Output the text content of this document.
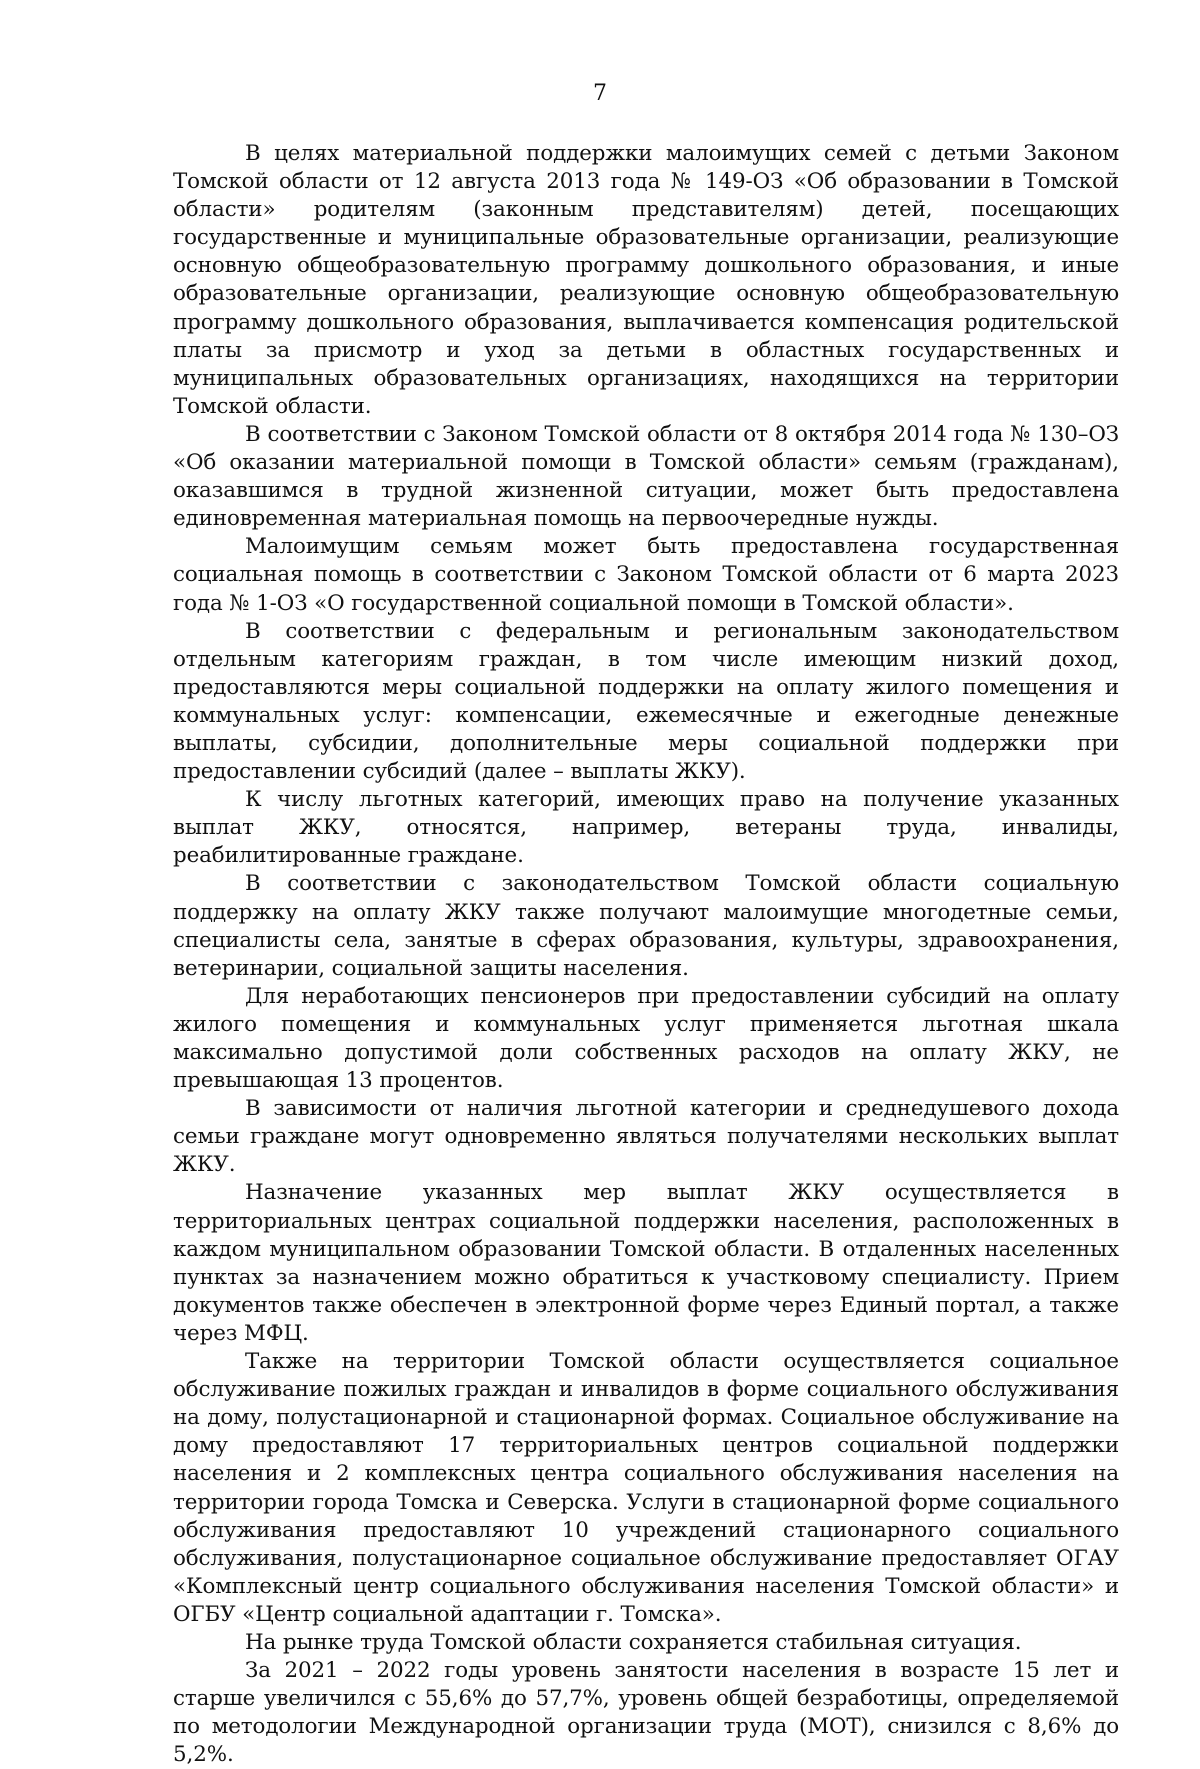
7

В целях материальной поддержки малоимущих семей с детьми Законом Томской области от 12 августа 2013 года № 149-ОЗ «Об образовании в Томской области» родителям (законным представителям) детей, посещающих государственные и муниципальные образовательные организации, реализующие основную общеобразовательную программу дошкольного образования, и иные образовательные организации, реализующие основную общеобразовательную программу дошкольного образования, выплачивается компенсация родительской платы за присмотр и уход за детьми в областных государственных и муниципальных образовательных организациях, находящихся на территории Томской области.

В соответствии с Законом Томской области от 8 октября 2014 года № 130–ОЗ «Об оказании материальной помощи в Томской области» семьям (гражданам), оказавшимся в трудной жизненной ситуации, может быть предоставлена единовременная материальная помощь на первоочередные нужды.

Малоимущим семьям может быть предоставлена государственная социальная помощь в соответствии с Законом Томской области от 6 марта 2023 года № 1-ОЗ «О государственной социальной помощи в Томской области».

В соответствии с федеральным и региональным законодательством отдельным категориям граждан, в том числе имеющим низкий доход, предоставляются меры социальной поддержки на оплату жилого помещения и коммунальных услуг: компенсации, ежемесячные и ежегодные денежные выплаты, субсидии, дополнительные меры социальной поддержки при предоставлении субсидий (далее – выплаты ЖКУ).

К числу льготных категорий, имеющих право на получение указанных выплат ЖКУ, относятся, например, ветераны труда, инвалиды, реабилитированные граждане.

В соответствии с законодательством Томской области социальную поддержку на оплату ЖКУ также получают малоимущие многодетные семьи, специалисты села, занятые в сферах образования, культуры, здравоохранения, ветеринарии, социальной защиты населения.

Для неработающих пенсионеров при предоставлении субсидий на оплату жилого помещения и коммунальных услуг применяется льготная шкала максимально допустимой доли собственных расходов на оплату ЖКУ, не превышающая 13 процентов.

В зависимости от наличия льготной категории и среднедушевого дохода семьи граждане могут одновременно являться получателями нескольких выплат ЖКУ.

Назначение указанных мер выплат ЖКУ осуществляется в территориальных центрах социальной поддержки населения, расположенных в каждом муниципальном образовании Томской области. В отдаленных населенных пунктах за назначением можно обратиться к участковому специалисту. Прием документов также обеспечен в электронной форме через Единый портал, а также через МФЦ.

Также на территории Томской области осуществляется социальное обслуживание пожилых граждан и инвалидов в форме социального обслуживания на дому, полустационарной и стационарной формах. Социальное обслуживание на дому предоставляют 17 территориальных центров социальной поддержки населения и 2 комплексных центра социального обслуживания населения на территории города Томска и Северска. Услуги в стационарной форме социального обслуживания предоставляют 10 учреждений стационарного социального обслуживания, полустационарное социальное обслуживание предоставляет ОГАУ «Комплексный центр социального обслуживания населения Томской области» и ОГБУ «Центр социальной адаптации г. Томска».

На рынке труда Томской области сохраняется стабильная ситуация.

За 2021 – 2022 годы уровень занятости населения в возрасте 15 лет и старше увеличился с 55,6% до 57,7%, уровень общей безработицы, определяемой по методологии Международной организации труда (МОТ), снизился с 8,6% до 5,2%.
